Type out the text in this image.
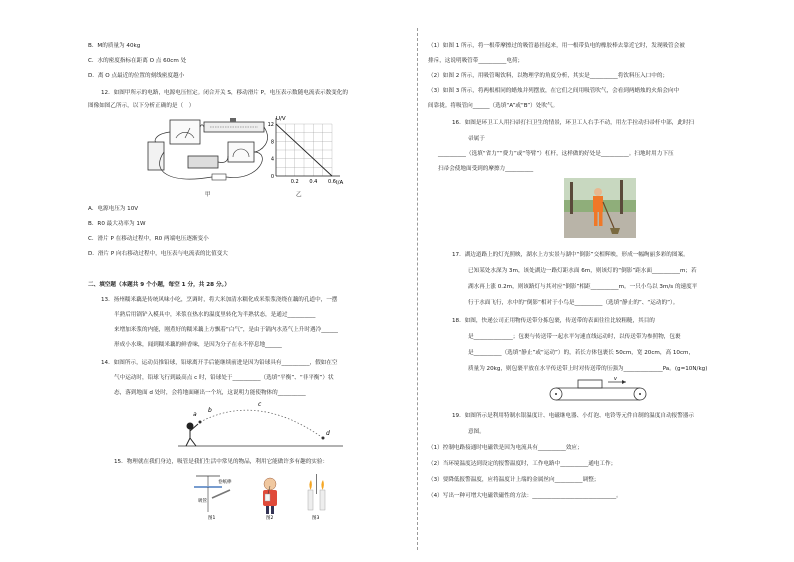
B．M的质量为 40kg
C．水的密度指标在距离 O 点 60cm 处
D．离 O 点最近的位置的刻线密度越小
12．如图甲所示的电路，电源电压恒定。闭合开关 S，移动滑片 P，电压表示数随电流表示数变化的
图像如图乙所示，以下分析正确的是（　）
甲
U/V
I/A
12
8
4
0
0.2 0.4 0.6
乙
A．电源电压为 10V
B．R0 最大功率为 1W
C．滑片 P 在移动过程中，R0 两端电压逐渐变小
D．滑片 P 向右移动过程中，电压表与电流表的比值变大
二、填空题（本题共 9 个小题，每空 1 分，共 28 分。）
13．扬州糯米藕是传统风味小吃，烹调时，将大米加清水糯化成米浆浆浇绕在藕的孔道中，一摆
半熟后用锅铲入模具中，米浆在热水的温度里转化为半熟状态，是通过__________
来增加米浆的内能，刚煮好的糯米藕上方飘着“白气”，是由于锅内水蒸气上升时遇冷______
形成小水珠，闻到糯米藕的鲜香味，是因为分子在永不停息地______
14．如图所示，运动员推铅球，铅球离开手后能继续前进是因为铅球具有__________，假如在空
气中运动时，铅球飞行到最高点 c 时，铅球处于__________（选填“平衡”、“非平衡”）状
态，落到地面 d 处时，会将地面砸出一个坑，这说明力能使物体的__________
a
b
c
d
15．物理就在我们身边，吸管是我们生活中常见的物品，利用它能做许多有趣的实验：
吸管
卷纸棒
图1	图2	图3
（1）如图 1 所示，将一根带摩擦过的吸管悬挂起来，用一根带负电的橡胶棒去靠近它时，发现吸管会被
排斥，这说明吸管带__________电荷；
（2）如图 2 所示，用吸管喝饮料，以物理学的角度分析，其实是__________将饮料压入口中的；
（3）如图 3 所示，将两根相同的蜡烛并列摆放，在它们之间用吸管吹气，会看到两蜡烛的火焰会向中
间靠拢。将吸管向______（选填“A”或“B”）处吹气。
16．如图是环卫工人用扫帚打扫卫生的情景，环卫工人右手不动，用左手拉动扫帚杆中部，此时扫
帚属于
__________（选填“省力”“费力”或“等臂”）杠杆，这样做的好处是__________。扫地时用力下压
扫帚会使地面受到的摩擦力__________
17．湖边道路上的灯光照映，湖水上方实景与湖中“倒影”交相辉映，形成一幅绚丽多彩的图案。
已知某处水深为 3m，该处湖边一路灯距水面 6m，则该灯的“倒影”距水面__________m；若
湖水再上涨 0.2m，则该路灯与其对应“倒影”相距__________m。一只小鸟以 3m/s 的速度平
行于水面飞行，水中的“倒影”相对于小鸟是__________（选填“静止的”、“运动的”）。
18．如图，快递公司正用物传送带分拣包裹，传送带的表面往往比较粗糙，其目的
是______________；包裹与传送带一起水平匀速直线运动时，以传送带为参照物，包裹
是__________（选填“静止”或“运动”）的，若长方体包裹长 50cm，宽 20cm，高 10cm，
质量为 20kg，则包裹平放在水平传送带上时对传送带的压强为______________Pa。(g=10N/kg)
v
19．如图所示是利用特制水银温度计、电磁继电器、小灯泡、电铃等元件自制的温度自动报警器示
意图。
（1）控制电路接通时电磁铁是因为电流具有__________效应；
（2）当环境温度达到设定的报警温度时，工作电路中__________通电工作；
（3）要降低报警温度，应将温度计上端的金属丝向__________调整；
（4）写出一种可增大电磁铁磁性的方法：______________________________。
